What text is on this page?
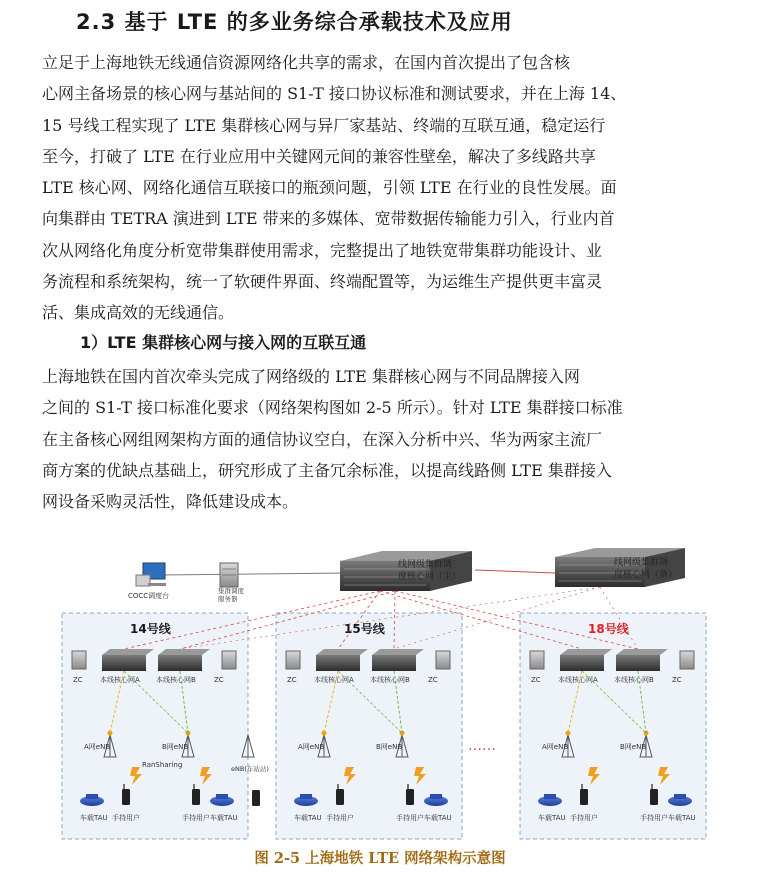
2.3 基于 LTE 的多业务综合承载技术及应用
立足于上海地铁无线通信资源网络化共享的需求，在国内首次提出了包含核
心网主备场景的核心网与基站间的 S1-T 接口协议标准和测试要求，并在上海 14、
15 号线工程实现了 LTE 集群核心网与异厂家基站、终端的互联互通，稳定运行
至今，打破了 LTE 在行业应用中关键网元间的兼容性壁垒，解决了多线路共享
LTE 核心网、网络化通信互联接口的瓶颈问题，引领 LTE 在行业的良性发展。面
向集群由 TETRA 演进到 LTE 带来的多媒体、宽带数据传输能力引入，行业内首
次从网络化角度分析宽带集群使用需求，完整提出了地铁宽带集群功能设计、业
务流程和系统架构，统一了软硬件界面、终端配置等，为运维生产提供更丰富灵
活、集成高效的无线通信。
1）LTE 集群核心网与接入网的互联互通
上海地铁在国内首次牵头完成了网络级的 LTE 集群核心网与不同品牌接入网
之间的 S1-T 接口标准化要求（网络架构图如 2-5 所示）。针对 LTE 集群接口标准
在主备核心网组网架构方面的通信协议空白，在深入分析中兴、华为两家主流厂
商方案的优缺点基础上，研究形成了主备冗余标准，以提高线路侧 LTE 集群接入
网设备采购灵活性，降低建设成本。
线网级集群调
度核心网（主）
线网级集群调
度核心网（备）
COCC调度台
集群调度
服务器
14号线
ZC	ZC
本线核心网A 本线核心网B
A网eNB	B网eNB
车载TAU	车载TAU
手持用户	手持用户
15号线
ZC	ZC
本线核心网A 本线核心网B
A网eNB	B网eNB
车载TAU	车载TAU
手持用户	手持用户
18号线
ZC	ZC
本线核心网A 本线核心网B
A网eNB	B网eNB
车载TAU	车载TAU
手持用户	手持用户
RanSharing	eNB(车站站)
……
图 2-5 上海地铁 LTE 网络架构示意图
